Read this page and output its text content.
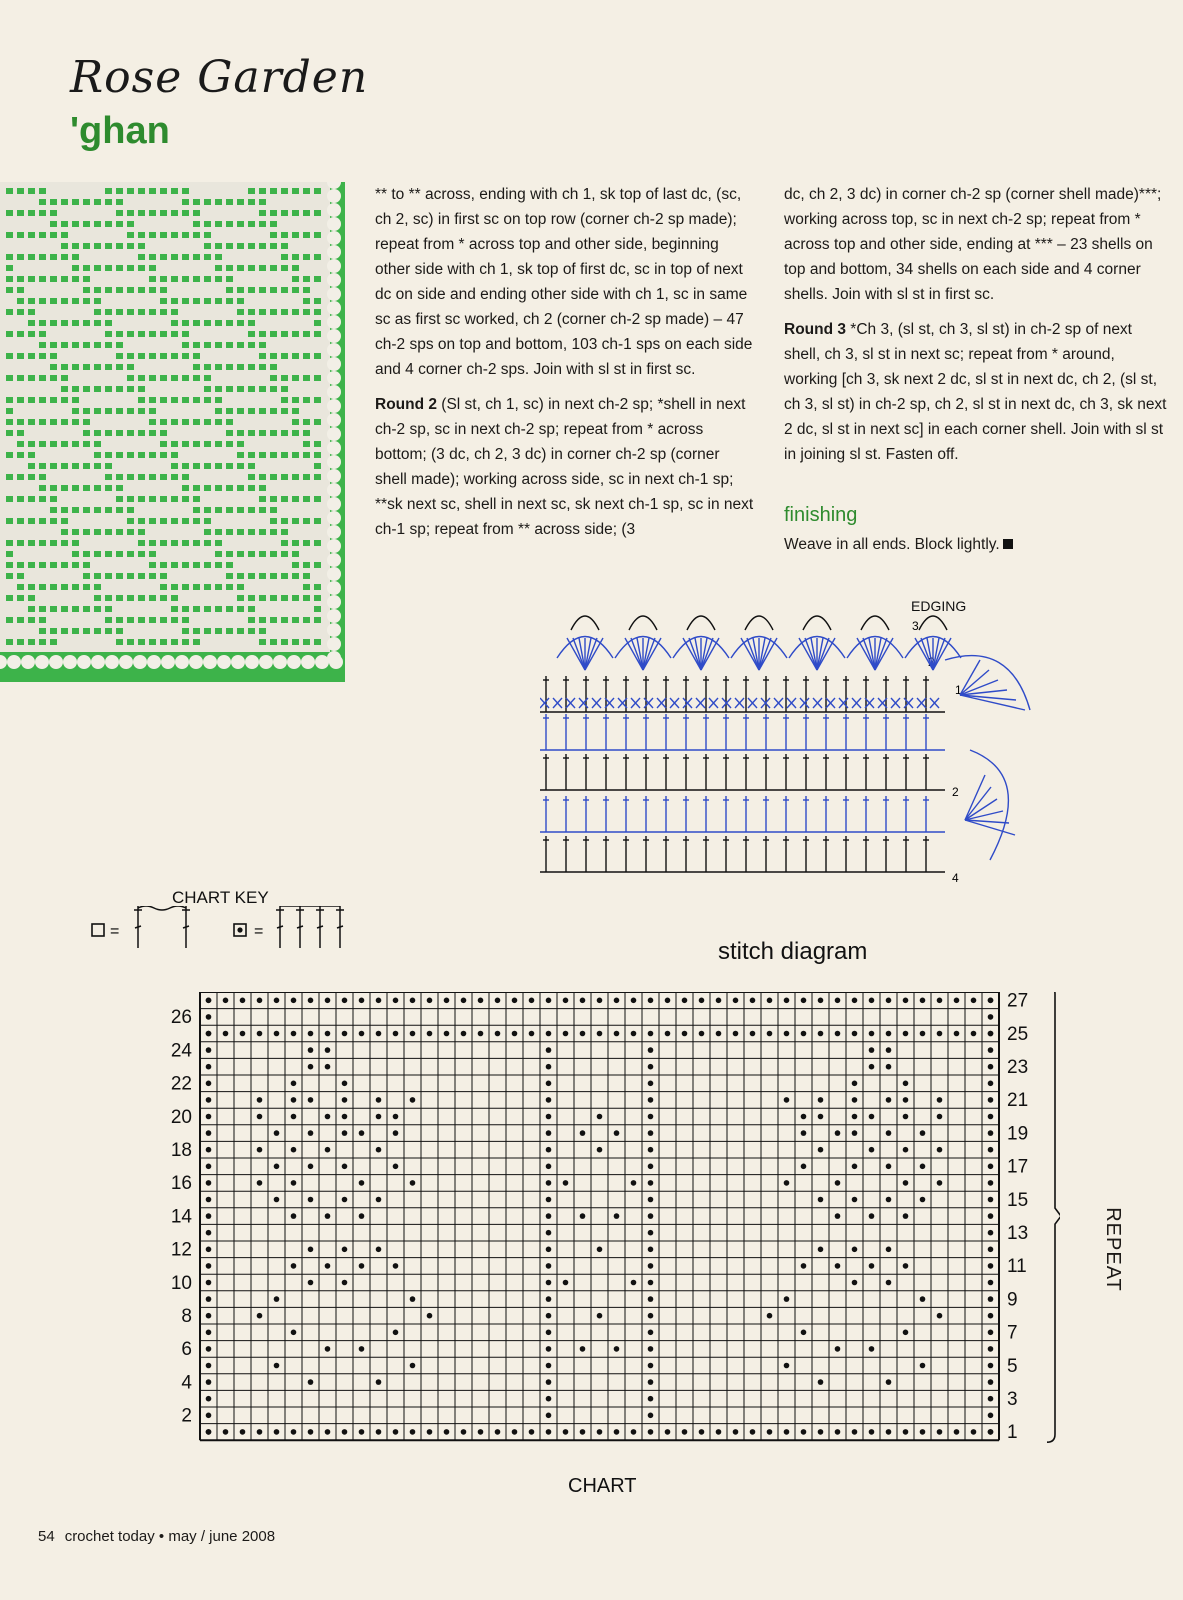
Rose Garden
'ghan

** to ** across, ending with ch 1, sk top of last dc, (sc, ch 2, sc) in first sc on top row (corner ch-2 sp made); repeat from * across top and other side, beginning other side with ch 1, sk top of first dc, sc in top of next dc on side and ending other side with ch 1, sc in same sc as first sc worked, ch 2 (corner ch-2 sp made) – 47 ch-2 sps on top and bottom, 103 ch-1 sps on each side and 4 corner ch-2 sps. Join with sl st in first sc.

Round 2 (Sl st, ch 1, sc) in next ch-2 sp; *shell in next ch-2 sp, sc in next ch-2 sp; repeat from * across bottom; (3 dc, ch 2, 3 dc) in corner ch-2 sp (corner shell made); working across side, sc in next ch-1 sp; **sk next sc, shell in next sc, sk next ch-1 sp, sc in next ch-1 sp; repeat from ** across side; (3

dc, ch 2, 3 dc) in corner ch-2 sp (corner shell made)***; working across top, sc in next ch-2 sp; repeat from * across top and other side, ending at *** – 23 shells on top and bottom, 34 shells on each side and 4 corner shells. Join with sl st in first sc.

Round 3 *Ch 3, (sl st, ch 3, sl st) in ch-2 sp of next shell, ch 3, sl st in next sc; repeat from * around, working [ch 3, sk next 2 dc, sl st in next dc, ch 2, (sl st, ch 3, sl st) in ch-2 sp, ch 2, sl st in next dc, ch 3, sk next 2 dc, sl st in next sc] in each corner shell. Join with sl st in joining sl st. Fasten off.

finishing
Weave in all ends. Block lightly.
EDGING
1
2
3
2
4
stitch diagram
CHART KEY
=	=
26
24
22
20
18
16
14
12
10
8
6
4
2
27
25
23
21
19
17
15
13
11
9
7
5
3
1
CHART
REPEAT
54 crochet today • may / june 2008
